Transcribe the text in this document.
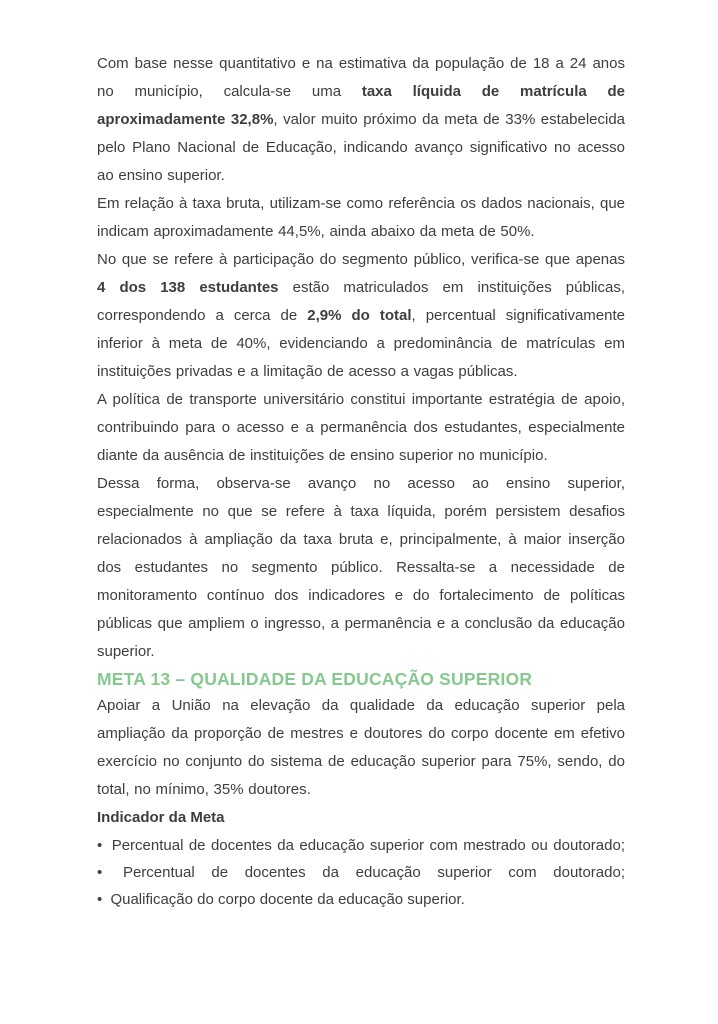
Com base nesse quantitativo e na estimativa da população de 18 a 24 anos no município, calcula-se uma taxa líquida de matrícula de aproximadamente 32,8%, valor muito próximo da meta de 33% estabelecida pelo Plano Nacional de Educação, indicando avanço significativo no acesso ao ensino superior.

Em relação à taxa bruta, utilizam-se como referência os dados nacionais, que indicam aproximadamente 44,5%, ainda abaixo da meta de 50%.

No que se refere à participação do segmento público, verifica-se que apenas 4 dos 138 estudantes estão matriculados em instituições públicas, correspondendo a cerca de 2,9% do total, percentual significativamente inferior à meta de 40%, evidenciando a predominância de matrículas em instituições privadas e a limitação de acesso a vagas públicas.

A política de transporte universitário constitui importante estratégia de apoio, contribuindo para o acesso e a permanência dos estudantes, especialmente diante da ausência de instituições de ensino superior no município.

Dessa forma, observa-se avanço no acesso ao ensino superior, especialmente no que se refere à taxa líquida, porém persistem desafios relacionados à ampliação da taxa bruta e, principalmente, à maior inserção dos estudantes no segmento público. Ressalta-se a necessidade de monitoramento contínuo dos indicadores e do fortalecimento de políticas públicas que ampliem o ingresso, a permanência e a conclusão da educação superior.

META 13 – QUALIDADE DA EDUCAÇÃO SUPERIOR

Apoiar a União na elevação da qualidade da educação superior pela ampliação da proporção de mestres e doutores do corpo docente em efetivo exercício no conjunto do sistema de educação superior para 75%, sendo, do total, no mínimo, 35% doutores.

Indicador da Meta

• Percentual de docentes da educação superior com mestrado ou doutorado;

• Percentual de docentes da educação superior com doutorado;

• Qualificação do corpo docente da educação superior.
